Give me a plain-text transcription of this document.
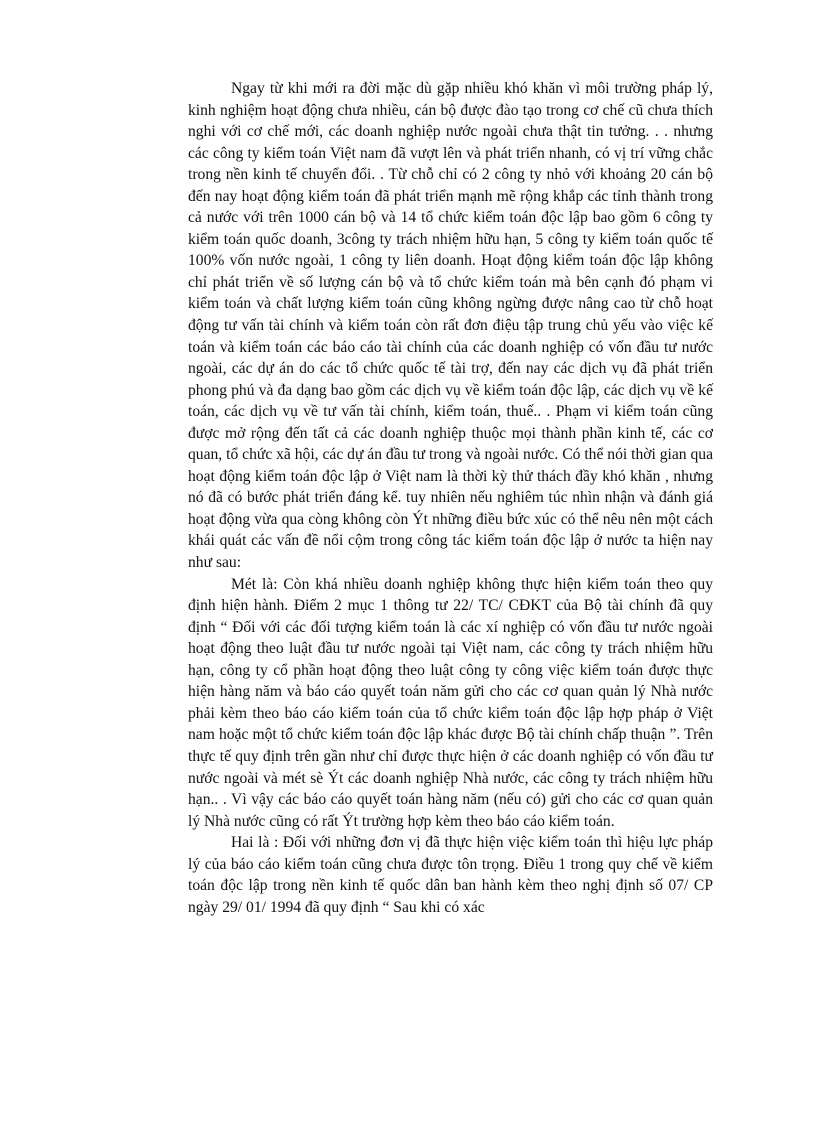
Ngay từ khi mới ra đời mặc dù gặp nhiều khó khăn vì môi trường pháp lý, kinh nghiệm hoạt động chưa nhiều, cán bộ được đào tạo trong cơ chế cũ chưa thích nghi với cơ chế mới, các doanh nghiệp nước ngoài chưa thật tin tưởng. . . nhưng các công ty kiểm toán Việt nam đã vượt lên và phát triển nhanh, có vị trí vững chắc trong nền kinh tế chuyển đổi. . Từ chỗ chỉ có 2 công ty nhỏ với khoảng 20 cán bộ đến nay hoạt động kiểm toán đã phát triển mạnh mẽ rộng khắp các tỉnh thành trong cả nước với trên 1000 cán bộ và 14 tổ chức kiểm toán độc lập bao gồm 6 công ty kiểm toán quốc doanh, 3công ty trách nhiệm hữu hạn, 5 công ty kiểm toán quốc tế 100% vốn nước ngoài, 1 công ty liên doanh. Hoạt động kiểm toán độc lập không chỉ phát triển về số lượng cán bộ và tổ chức kiểm toán mà bên cạnh đó phạm vi kiểm toán và chất lượng kiểm toán cũng không ngừng được nâng cao từ chỗ hoạt động tư vấn tài chính và kiểm toán còn rất đơn điệu tập trung chủ yếu vào việc kế toán và kiểm toán các báo cáo tài chính của các doanh nghiệp có vốn đầu tư nước ngoài, các dự án do các tổ chức quốc tế tài trợ, đến nay các dịch vụ đã phát triển phong phú và đa dạng bao gồm các dịch vụ về kiểm toán độc lập, các dịch vụ về kế toán, các dịch vụ về tư vấn tài chính, kiểm toán, thuế.. . Phạm vi kiểm toán cũng được mở rộng đến tất cả các doanh nghiệp thuộc mọi thành phần kinh tế, các cơ quan, tổ chức xã hội, các dự án đầu tư trong và ngoài nước. Có thể nói thời gian qua hoạt động kiểm toán độc lập ở Việt nam là thời kỳ thử thách đầy khó khăn , nhưng nó đã có bước phát triển đáng kể. tuy nhiên nếu nghiêm túc nhìn nhận và đánh giá hoạt động vừa qua còng không còn Ýt những điều bức xúc có thể nêu nên một cách khái quát các vấn đề nổi cộm trong công tác kiểm toán độc lập ở nước ta hiện nay như sau:

Mét là: Còn khá nhiều doanh nghiệp không thực hiện kiểm toán theo quy định hiện hành. Điểm 2 mục 1 thông tư 22/ TC/ CĐKT của Bộ tài chính đã quy định “ Đối với các đối tượng kiểm toán là các xí nghiệp có vốn đầu tư nước ngoài hoạt động theo luật đầu tư nước ngoài tại Việt nam, các công ty trách nhiệm hữu hạn, công ty cổ phần hoạt động theo luật công ty công việc kiểm toán được thực hiện hàng năm và báo cáo quyết toán năm gửi cho các cơ quan quản lý Nhà nước phải kèm theo báo cáo kiểm toán của tổ chức kiểm toán độc lập hợp pháp ở Việt nam hoặc một tổ chức kiểm toán độc lập khác được Bộ tài chính chấp thuận ”. Trên thực tế quy định trên gần như chỉ được thực hiện ở các doanh nghiệp có vốn đầu tư nước ngoài và mét sè Ýt các doanh nghiệp Nhà nước, các công ty trách nhiệm hữu hạn.. . Vì vậy các báo cáo quyết toán hàng năm (nếu có) gửi cho các cơ quan quản lý Nhà nước cũng có rất Ýt trường hợp kèm theo báo cáo kiểm toán.

Hai là : Đối với những đơn vị đã thực hiện việc kiểm toán thì hiệu lực pháp lý của báo cáo kiểm toán cũng chưa được tôn trọng. Điều 1 trong quy chế về kiểm toán độc lập trong nền kinh tế quốc dân ban hành kèm theo nghị định số 07/ CP ngày 29/ 01/ 1994 đã quy định “ Sau khi có xác
